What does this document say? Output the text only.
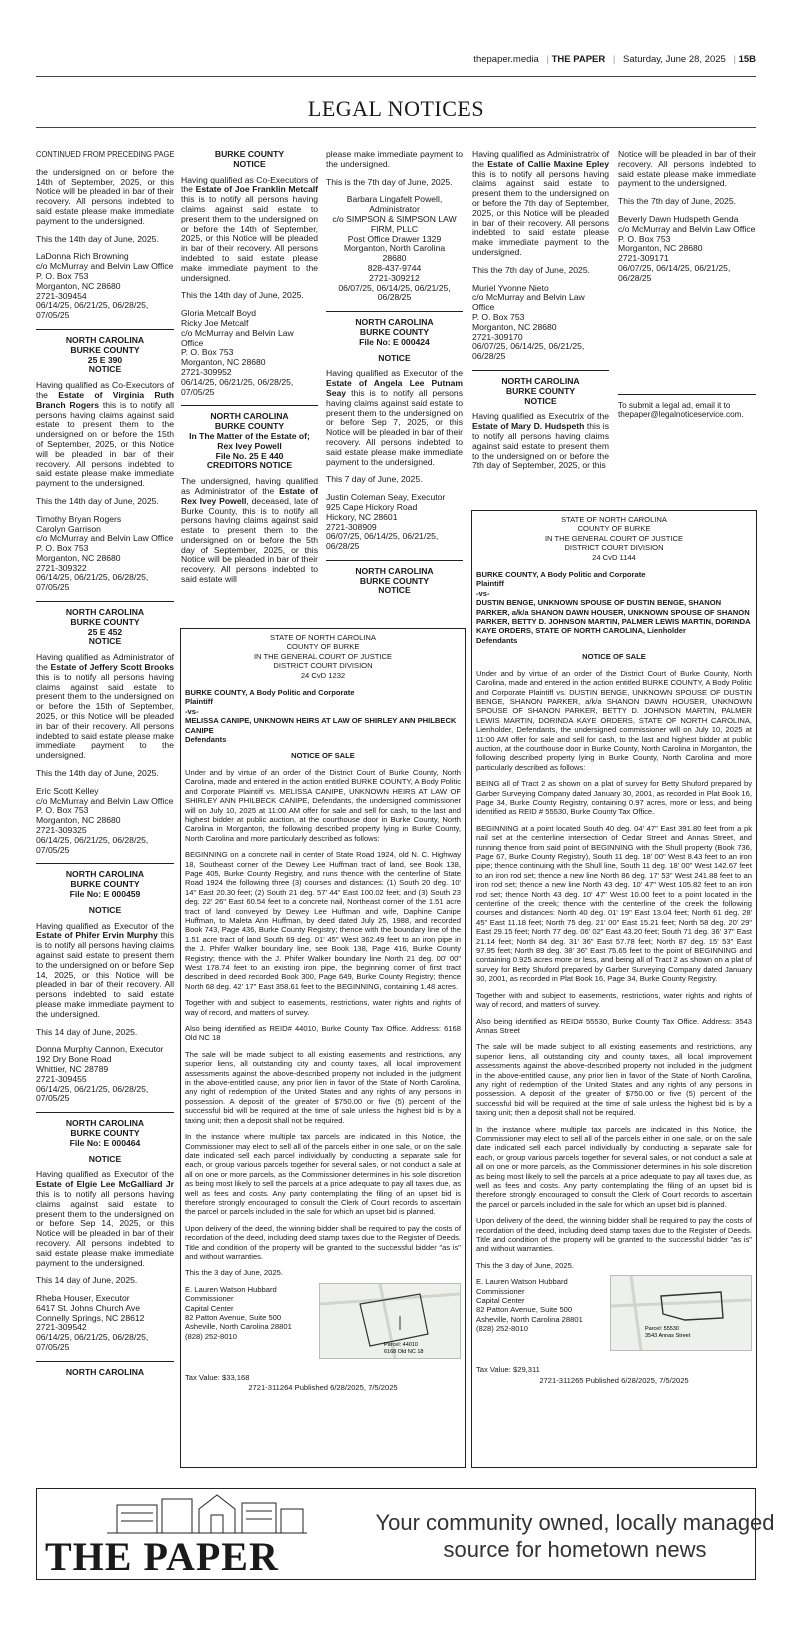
thepaper.media | THE PAPER | Saturday, June 28, 2025 | 15B
LEGAL NOTICES

CONTINUED FROM PRECEDING PAGE

the undersigned on or before the 14th of September, 2025, or this Notice will be pleaded in bar of their recovery. All persons indebted to said estate please make immediate payment to the undersigned.

This the 14th day of June, 2025.

LaDonna Rich Browning
c/o McMurray and Belvin Law Office
P. O. Box 753
Morganton, NC 28680
2721-309454
06/14/25, 06/21/25, 06/28/25, 07/05/25

NORTH CAROLINA
BURKE COUNTY
25 E 390
NOTICE

Having qualified as Co-Executors of the Estate of Virginia Ruth Branch Rogers this is to notify all persons having claims against said estate to present them to the undersigned on or before the 15th of September, 2025, or this Notice will be pleaded in bar of their recovery. All persons indebted to said estate please make immediate payment to the undersigned.

This the 14th day of June, 2025.

Timothy Bryan Rogers
Carolyn Garrison
c/o McMurray and Belvin Law Office
P. O. Box 753
Morganton, NC 28680
2721-309322
06/14/25, 06/21/25, 06/28/25, 07/05/25

NORTH CAROLINA
BURKE COUNTY
25 E 452
NOTICE

Having qualified as Administrator of the Estate of Jeffery Scott Brooks this is to notify all persons having claims against said estate to present them to the undersigned on or before the 15th of September, 2025, or this Notice will be pleaded in bar of their recovery. All persons indebted to said estate please make immediate payment to the undersigned.

This the 14th day of June, 2025.

Eric Scott Kelley
c/o McMurray and Belvin Law Office
P. O. Box 753
Morganton, NC 28680
2721-309325
06/14/25, 06/21/25, 06/28/25, 07/05/25

NORTH CAROLINA
BURKE COUNTY
File No: E 000459
NOTICE

Having qualified as Executor of the Estate of Phifer Ervin Murphy this is to notify all persons having claims against said estate to present them to the undersigned on or before Sep 14, 2025, or this Notice will be pleaded in bar of their recovery. All persons indebted to said estate please make immediate payment to the undersigned.

This 14 day of June, 2025.

Donna Murphy Cannon, Executor
192 Dry Bone Road
Whittier, NC 28789
2721-309455
06/14/25, 06/21/25, 06/28/25, 07/05/25

NORTH CAROLINA
BURKE COUNTY
File No: E 000464
NOTICE

Having qualified as Executor of the Estate of Elgie Lee McGalliard Jr this is to notify all persons having claims against said estate to present them to the undersigned on or before Sep 14, 2025, or this Notice will be pleaded in bar of their recovery. All persons indebted to said estate please make immediate payment to the undersigned.

This 14 day of June, 2025.

Rheba Houser, Executor
6417 St. Johns Church Ave
Connelly Springs, NC 28612
2721-309542
06/14/25, 06/21/25, 06/28/25, 07/05/25

NORTH CAROLINA
BURKE COUNTY
NOTICE

Having qualified as Co-Executors of the Estate of Joe Franklin Metcalf this is to notify all persons having claims against said estate to present them to the undersigned on or before the 14th of September, 2025, or this Notice will be pleaded in bar of their recovery. All persons indebted to said estate please make immediate payment to the undersigned.

This the 14th day of June, 2025.

Gloria Metcalf Boyd
Ricky Joe Metcalf
c/o McMurray and Belvin Law Office
P. O. Box 753
Morganton, NC 28680
2721-309952
06/14/25, 06/21/25, 06/28/25, 07/05/25

NORTH CAROLINA
BURKE COUNTY
In The Matter of the Estate of;
Rex Ivey Powell
File No. 25 E 440
CREDITORS NOTICE

The undersigned, having qualified as Administrator of the Estate of Rex Ivey Powell, deceased, late of Burke County, this is to notify all persons having claims against said estate to present them to the undersigned on or before the 5th day of September, 2025, or this Notice will be pleaded in bar of their recovery. All persons indebted to said estate will

please make immediate payment to the undersigned.

This is the 7th day of June, 2025.

Barbara Lingafelt Powell,
Administrator
c/o SIMPSON & SIMPSON LAW FIRM, PLLC
Post Office Drawer 1329
Morganton, North Carolina
28680
828-437-9744
2721-309212
06/07/25, 06/14/25, 06/21/25, 06/28/25

NORTH CAROLINA
BURKE COUNTY
File No: E 000424
NOTICE

Having qualified as Executor of the Estate of Angela Lee Putnam Seay this is to notify all persons having claims against said estate to present them to the undersigned on or before Sep 7, 2025, or this Notice will be pleaded in bar of their recovery. All persons indebted to said estate please make immediate payment to the undersigned.

This 7 day of June, 2025.

Justin Coleman Seay, Executor
925 Cape Hickory Road
Hickory, NC 28601
2721-308909
06/07/25, 06/14/25, 06/21/25, 06/28/25

NORTH CAROLINA
BURKE COUNTY
NOTICE

Having qualified as Administratrix of the Estate of Callie Maxine Epley this is to notify all persons having claims against said estate to present them to the undersigned on or before the 7th day of September, 2025, or this Notice will be pleaded in bar of their recovery. All persons indebted to said estate please make immediate payment to the undersigned.

This the 7th day of June, 2025.

Muriel Yvonne Nieto
c/o McMurray and Belvin Law Office
P. O. Box 753
Morganton, NC 28680
2721-309170
06/07/25, 06/14/25, 06/21/25, 06/28/25

NORTH CAROLINA
BURKE COUNTY
NOTICE

Having qualified as Executrix of the Estate of Mary D. Hudspeth this is to notify all persons having claims against said estate to present them to the undersigned on or before the 7th day of September, 2025, or this

Notice will be pleaded in bar of their recovery. All persons indebted to said estate please make immediate payment to the undersigned.

This the 7th day of June, 2025.

Beverly Dawn Hudspeth Genda
c/o McMurray and Belvin Law Office
P. O. Box 753
Morganton, NC 28680
2721-309171
06/07/25, 06/14/25, 06/21/25, 06/28/25

To submit a legal ad, email it to thepaper@legalnoticeservice.com.

STATE OF NORTH CAROLINA
COUNTY OF BURKE
IN THE GENERAL COURT OF JUSTICE
DISTRICT COURT DIVISION
24 CvD 1232

BURKE COUNTY, A Body Politic and Corporate
Plaintiff
-vs-
MELISSA CANIPE, UNKNOWN HEIRS AT LAW OF SHIRLEY ANN PHILBECK CANIPE
Defendants

NOTICE OF SALE

Under and by virtue of an order of the District Court of Burke County, North Carolina, made and entered in the action entitled BURKE COUNTY, A Body Politic and Corporate Plaintiff vs. MELISSA CANIPE, UNKNOWN HEIRS AT LAW OF SHIRLEY ANN PHILBECK CANIPE, Defendants, the undersigned commissioner will on July 10, 2025 at 11:00 AM offer for sale and sell for cash, to the last and highest bidder at public auction, at the courthouse door in Burke County, North Carolina in Morganton, the following described property lying in Burke County, North Carolina and more particularly described as follows:

BEGINNING on a concrete nail in center of State Road 1924, old N. C. Highway 18, Southeast corner of the Dewey Lee Huffman tract of land, see Book 138, Page 405, Burke County Registry, and runs thence with the centerline of State Road 1924 the following three (3) courses and distances: (1) South 20 deg. 10' 14" East 20.30 feet; (2) South 21 deg. 57' 44" East 100.02 feet; and (3) South 23 deg. 22' 26" East 60.54 feet to a concrete nail, Northeast corner of the 1.51 acre tract of land conveyed by Dewey Lee Huffman and wife, Daphine Canipe Huffman, to Maleta Ann Huffman, by deed dated July 25, 1988, and recorded Book 743, Page 436, Burke County Registry; thence with the boundary line of the 1.51 acre tract of land South 69 deg. 01' 45" West 362.49 feet to an iron pipe in the J. Phifer Walker boundary line, see Book 138, Page 416, Burke County Registry; thence with the J. Phifer Walker boundary line North 21 deg. 00' 00" West 178.74 feet to an existing iron pipe, the beginning corner of first tract described in deed recorded Book 300, Page 649, Burke County Registry; thence North 68 deg. 42' 17" East 358.61 feet to the BEGINNING, containing 1.48 acres.

Together with and subject to easements, restrictions, water rights and rights of way of record, and matters of survey.

Also being identified as REID# 44010, Burke County Tax Office. Address: 6168 Old NC 18

The sale will be made subject to all existing easements and restrictions, any superior liens, all outstanding city and county taxes, all local improvement assessments against the above-described property not included in the judgment in the above-entitled cause, any prior lien in favor of the State of North Carolina, any right of redemption of the United States and any rights of any persons in possession. A deposit of the greater of $750.00 or five (5) percent of the successful bid will be required at the time of sale unless the highest bid is by a taxing unit; then a deposit shall not be required.

In the instance where multiple tax parcels are indicated in this Notice, the Commissioner may elect to sell all of the parcels either in one sale, or on the sale date indicated sell each parcel individually by conducting a separate sale for each, or group various parcels together for several sales, or not conduct a sale at all on one or more parcels, as the Commissioner determines in his sole discretion as being most likely to sell the parcels at a price adequate to pay all taxes due, as well as fees and costs. Any party contemplating the filing of an upset bid is therefore strongly encouraged to consult the Clerk of Court records to ascertain the parcel or parcels included in the sale for which an upset bid is planned.

Upon delivery of the deed, the winning bidder shall be required to pay the costs of recordation of the deed, including deed stamp taxes due to the Register of Deeds. Title and condition of the property will be granted to the successful bidder "as is" and without warranties.

This the 3 day of June, 2025.

E. Lauren Watson Hubbard
Commissioner
Capital Center
82 Patton Avenue, Suite 500
Asheville, North Carolina 28801
(828) 252-8010

Parcel: 44010
6168 Old NC 18

Tax Value: $33,168

2721-311264 Published 6/28/2025, 7/5/2025

STATE OF NORTH CAROLINA
COUNTY OF BURKE
IN THE GENERAL COURT OF JUSTICE
DISTRICT COURT DIVISION
24 CvD 1144

BURKE COUNTY, A Body Politic and Corporate
Plaintiff
-vs-
DUSTIN BENGE, UNKNOWN SPOUSE OF DUSTIN BENGE, SHANON PARKER, a/k/a SHANON DAWN HOUSER, UNKNOWN SPOUSE OF SHANON PARKER, BETTY D. JOHNSON MARTIN, PALMER LEWIS MARTIN, DORINDA KAYE ORDERS, STATE OF NORTH CAROLINA, Lienholder
Defendants

NOTICE OF SALE

Under and by virtue of an order of the District Court of Burke County, North Carolina, made and entered in the action entitled BURKE COUNTY, A Body Politic and Corporate Plaintiff vs. DUSTIN BENGE, UNKNOWN SPOUSE OF DUSTIN BENGE, SHANON PARKER, a/k/a SHANON DAWN HOUSER, UNKNOWN SPOUSE OF SHANON PARKER, BETTY D. JOHNSON MARTIN, PALMER LEWIS MARTIN, DORINDA KAYE ORDERS, STATE OF NORTH CAROLINA, Lienholder, Defendants, the undersigned commissioner will on July 10, 2025 at 11:00 AM offer for sale and sell for cash, to the last and highest bidder at public auction, at the courthouse door in Burke County, North Carolina in Morganton, the following described property lying in Burke County, North Carolina and more particularly described as follows:

BEING all of Tract 2 as shown on a plat of survey for Betty Shuford prepared by Garber Surveying Company dated January 30, 2001, as recorded in Plat Book 16, Page 34, Burke County Registry, containing 0.97 acres, more or less, and being identified as REID # 55530, Burke County Tax Office.

BEGINNING at a point located South 40 deg. 04' 47" East 391.80 feet from a pk nail set at the centerline intersection of Cedar Street and Annas Street, and running thence from said point of BEGINNING with the Shull property (Book 736, Page 67, Burke County Registry), South 11 deg. 18' 00" West 8.43 feet to an iron pipe; thence continuing with the Shull line, South 11 deg. 18' 00" West 142.67 feet to an iron rod set; thence a new line North 86 deg. 17' 53" West 241.88 feet to an iron rod set; thence a new line North 43 deg. 10' 47" West 105.82 feet to an iron rod set; thence North 43 deg. 10' 47" West 10.00 feet to a point located in the centerline of the creek; thence with the centerline of the creek the following courses and distances: North 40 deg. 01' 19" East 13.04 feet; North 61 deg. 28' 45" East 11.18 feet; North 75 deg. 21' 00" East 15.21 feet; North 58 deg. 20' 29" East 29.15 feet; North 77 deg. 06' 02" East 43.20 feet; South 71 deg. 36' 37" East 21.14 feet; North 84 deg. 31' 36" East 57.78 feet; North 87 deg. 15' 53" East 97.95 feet; North 89 deg. 38' 36" East 75.65 feet to the point of BEGINNING and containing 0.925 acres more or less, and being all of Tract 2 as shown on a plat of survey for Betty Shuford prepared by Garber Surveying Company dated January 30, 2001, as recorded in Plat Book 16, Page 34, Burke County Registry.

Together with and subject to easements, restrictions, water rights and rights of way of record, and matters of survey.

Also being identified as REID# 55530, Burke County Tax Office. Address: 3543 Annas Street

The sale will be made subject to all existing easements and restrictions, any superior liens, all outstanding city and county taxes, all local improvement assessments against the above-described property not included in the judgment in the above-entitled cause, any prior lien in favor of the State of North Carolina, any right of redemption of the United States and any rights of any persons in possession. A deposit of the greater of $750.00 or five (5) percent of the successful bid will be required at the time of sale unless the highest bid is by a taxing unit; then a deposit shall not be required.

In the instance where multiple tax parcels are indicated in this Notice, the Commissioner may elect to sell all of the parcels either in one sale, or on the sale date indicated sell each parcel individually by conducting a separate sale for each, or group various parcels together for several sales, or not conduct a sale at all on one or more parcels, as the Commissioner determines in his sole discretion as being most likely to sell the parcels at a price adequate to pay all taxes due, as well as fees and costs. Any party contemplating the filing of an upset bid is therefore strongly encouraged to consult the Clerk of Court records to ascertain the parcel or parcels included in the sale for which an upset bid is planned.

Upon delivery of the deed, the winning bidder shall be required to pay the costs of recordation of the deed, including deed stamp taxes due to the Register of Deeds. Title and condition of the property will be granted to the successful bidder "as is" and without warranties.

This the 3 day of June, 2025.

E. Lauren Watson Hubbard
Commissioner
Capital Center
82 Patton Avenue, Suite 500
Asheville, North Carolina 28801
(828) 252-8010	Parcel: 55530
3543 Annas Street

Tax Value: $29,311

2721-311265 Published 6/28/2025, 7/5/2025

THE PAPER
Your community owned, locally managed source for hometown news
